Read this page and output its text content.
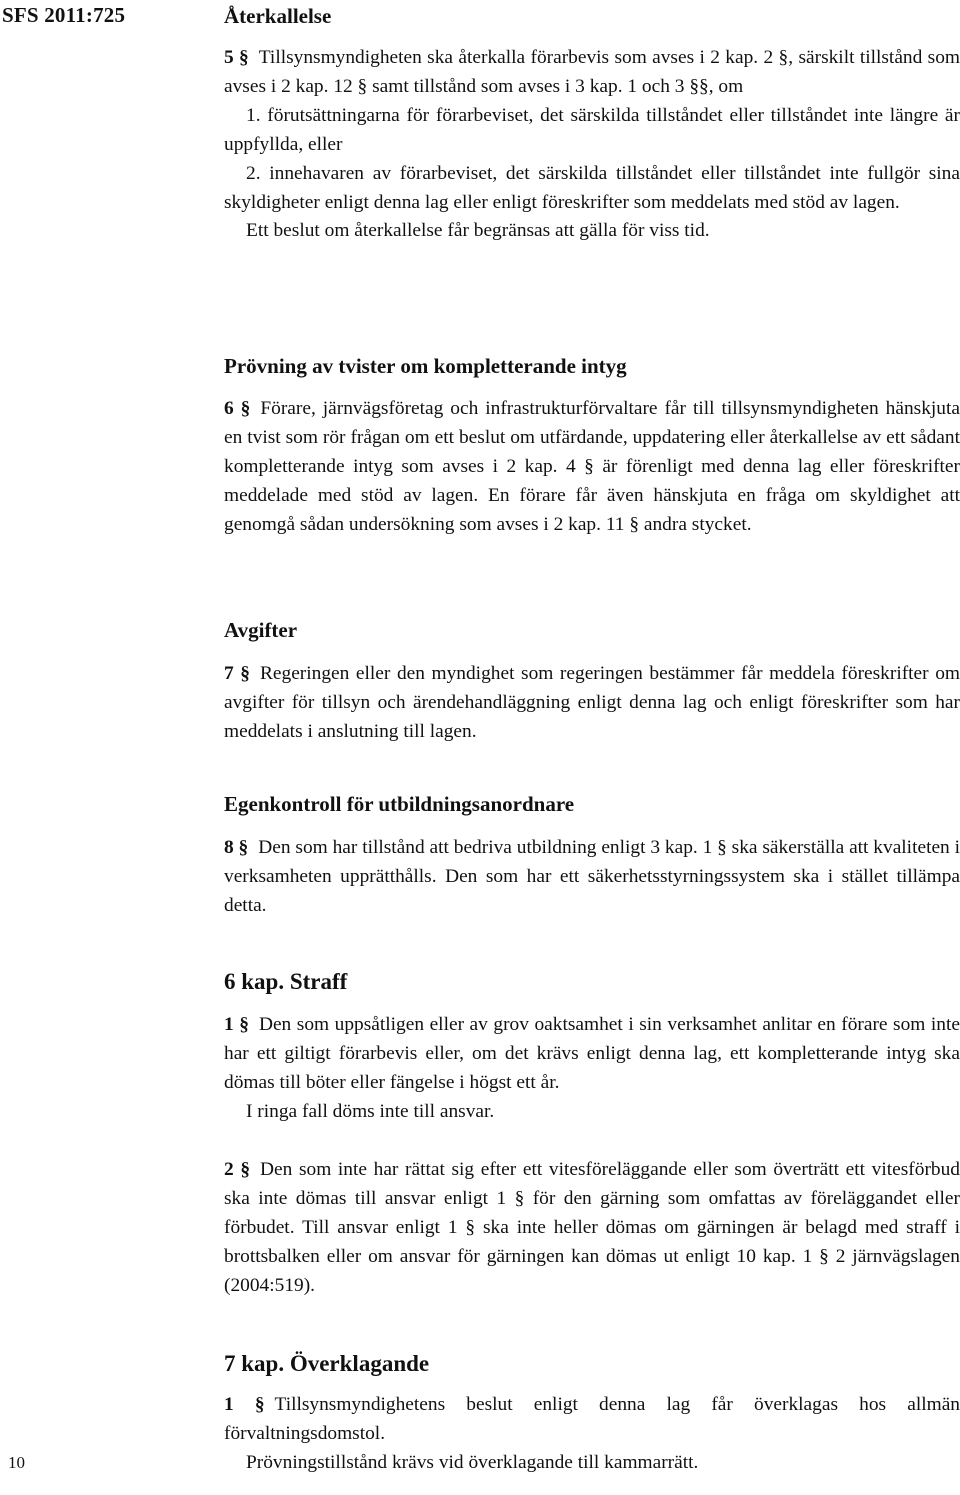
SFS 2011:725
10
Återkallelse

5 § Tillsynsmyndigheten ska återkalla förarbevis som avses i 2 kap. 2 §, särskilt tillstånd som avses i 2 kap. 12 § samt tillstånd som avses i 3 kap. 1 och 3 §§, om

1. förutsättningarna för förarbeviset, det särskilda tillståndet eller tillståndet inte längre är uppfyllda, eller

2. innehavaren av förarbeviset, det särskilda tillståndet eller tillståndet inte fullgör sina skyldigheter enligt denna lag eller enligt föreskrifter som meddelats med stöd av lagen.

Ett beslut om återkallelse får begränsas att gälla för viss tid.

Prövning av tvister om kompletterande intyg

6 § Förare, järnvägsföretag och infrastrukturförvaltare får till tillsynsmyndigheten hänskjuta en tvist som rör frågan om ett beslut om utfärdande, uppdatering eller återkallelse av ett sådant kompletterande intyg som avses i 2 kap. 4 § är förenligt med denna lag eller föreskrifter meddelade med stöd av lagen. En förare får även hänskjuta en fråga om skyldighet att genomgå sådan undersökning som avses i 2 kap. 11 § andra stycket.

Avgifter

7 § Regeringen eller den myndighet som regeringen bestämmer får meddela föreskrifter om avgifter för tillsyn och ärendehandläggning enligt denna lag och enligt föreskrifter som har meddelats i anslutning till lagen.

Egenkontroll för utbildningsanordnare

8 § Den som har tillstånd att bedriva utbildning enligt 3 kap. 1 § ska säkerställa att kvaliteten i verksamheten upprätthålls. Den som har ett säkerhetsstyrningssystem ska i stället tillämpa detta.

6 kap. Straff

1 § Den som uppsåtligen eller av grov oaktsamhet i sin verksamhet anlitar en förare som inte har ett giltigt förarbevis eller, om det krävs enligt denna lag, ett kompletterande intyg ska dömas till böter eller fängelse i högst ett år.

I ringa fall döms inte till ansvar.

2 § Den som inte har rättat sig efter ett vitesföreläggande eller som överträtt ett vitesförbud ska inte dömas till ansvar enligt 1 § för den gärning som omfattas av föreläggandet eller förbudet. Till ansvar enligt 1 § ska inte heller dömas om gärningen är belagd med straff i brottsbalken eller om ansvar för gärningen kan dömas ut enligt 10 kap. 1 § 2 järnvägslagen (2004:519).

7 kap. Överklagande

1 § Tillsynsmyndighetens beslut enligt denna lag får överklagas hos allmän förvaltningsdomstol.

Prövningstillstånd krävs vid överklagande till kammarrätt.
